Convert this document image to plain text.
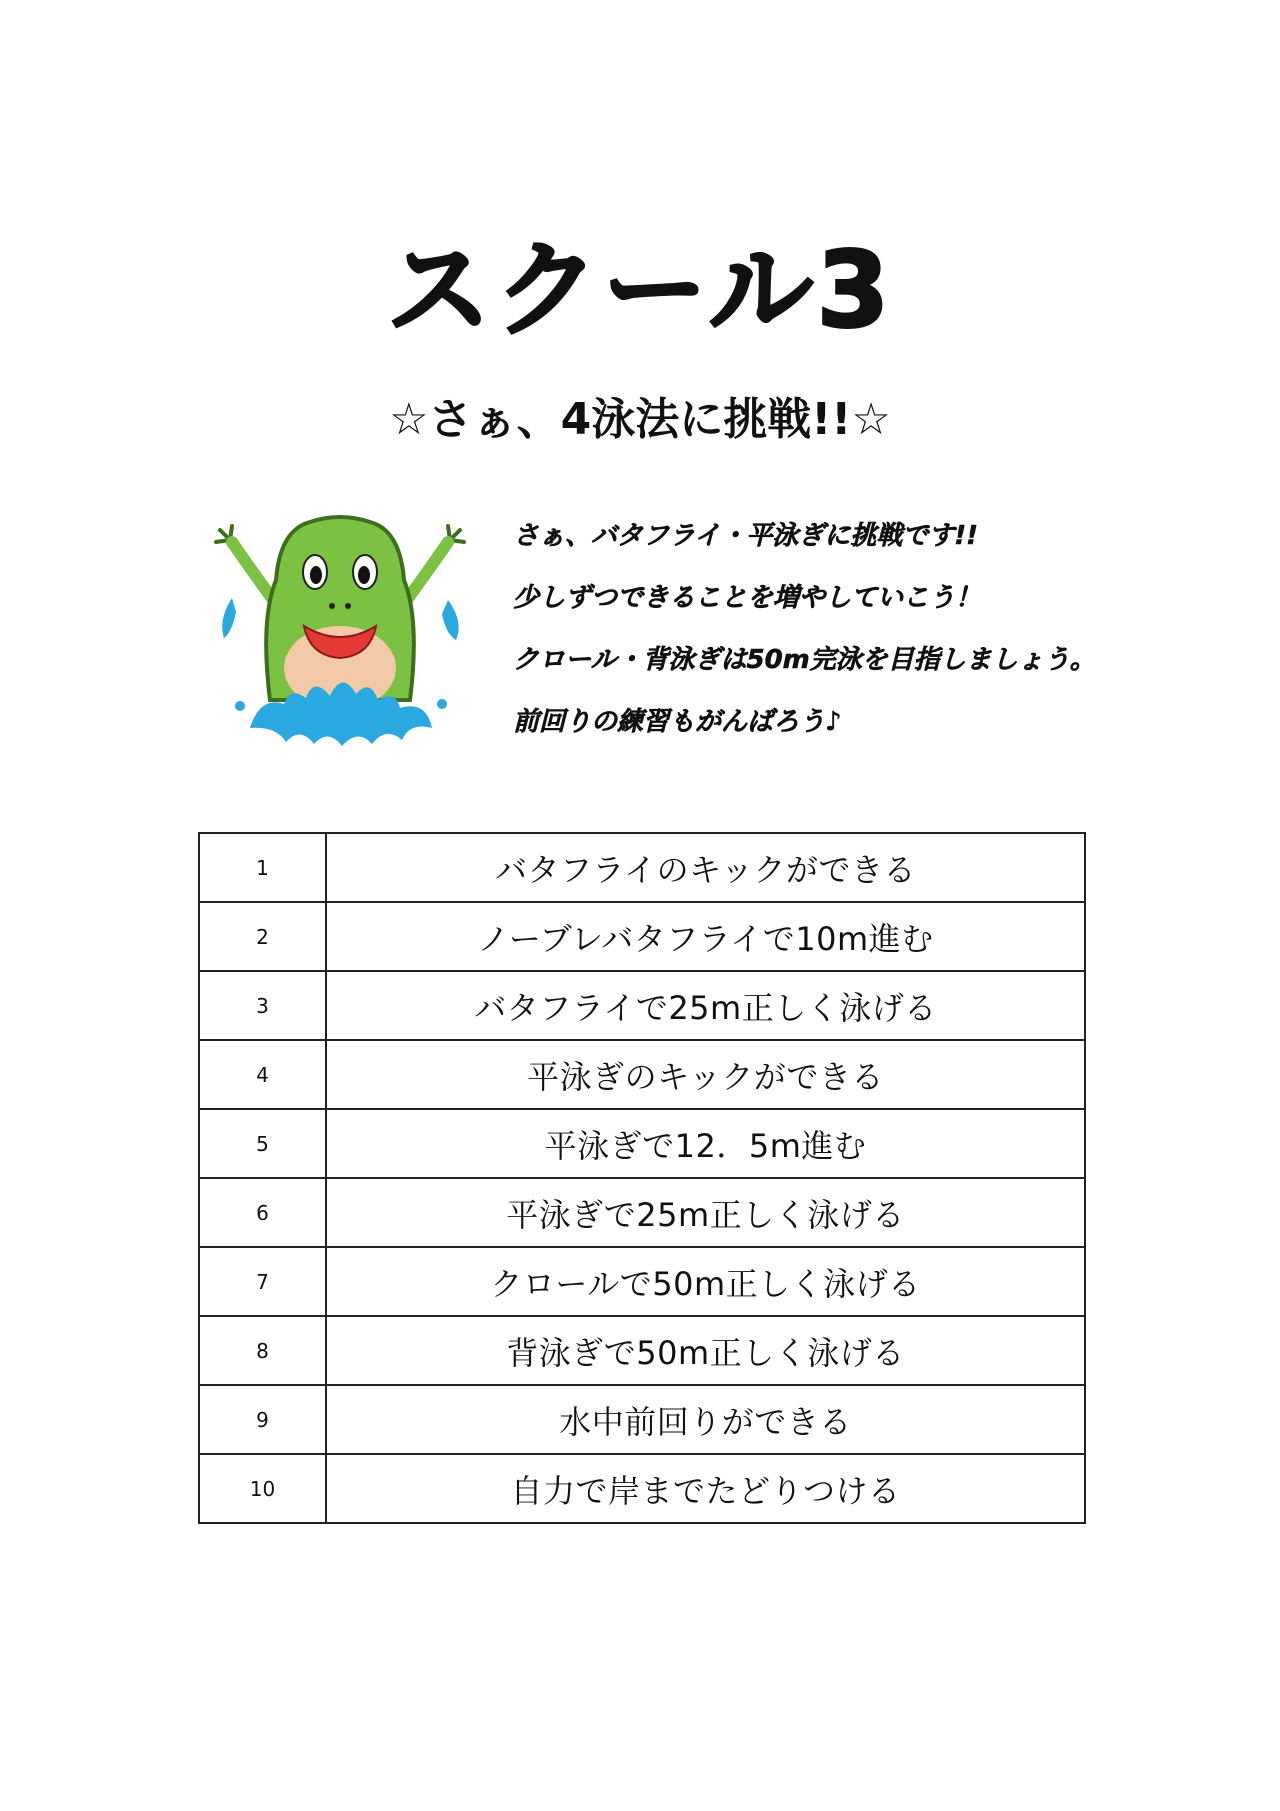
スクール3
☆さぁ、4泳法に挑戦!!☆
さぁ、バタフライ・平泳ぎに挑戦です!!
少しずつできることを増やしていこう！
クロール・背泳ぎは50m完泳を目指しましょう。
前回りの練習もがんばろう♪
1	バタフライのキックができる
2	ノーブレバタフライで10m進む
3	バタフライで25m正しく泳げる
4	平泳ぎのキックができる
5	平泳ぎで12．5m進む
6	平泳ぎで25m正しく泳げる
7	クロールで50m正しく泳げる
8	背泳ぎで50m正しく泳げる
9	水中前回りができる
10	自力で岸までたどりつける
